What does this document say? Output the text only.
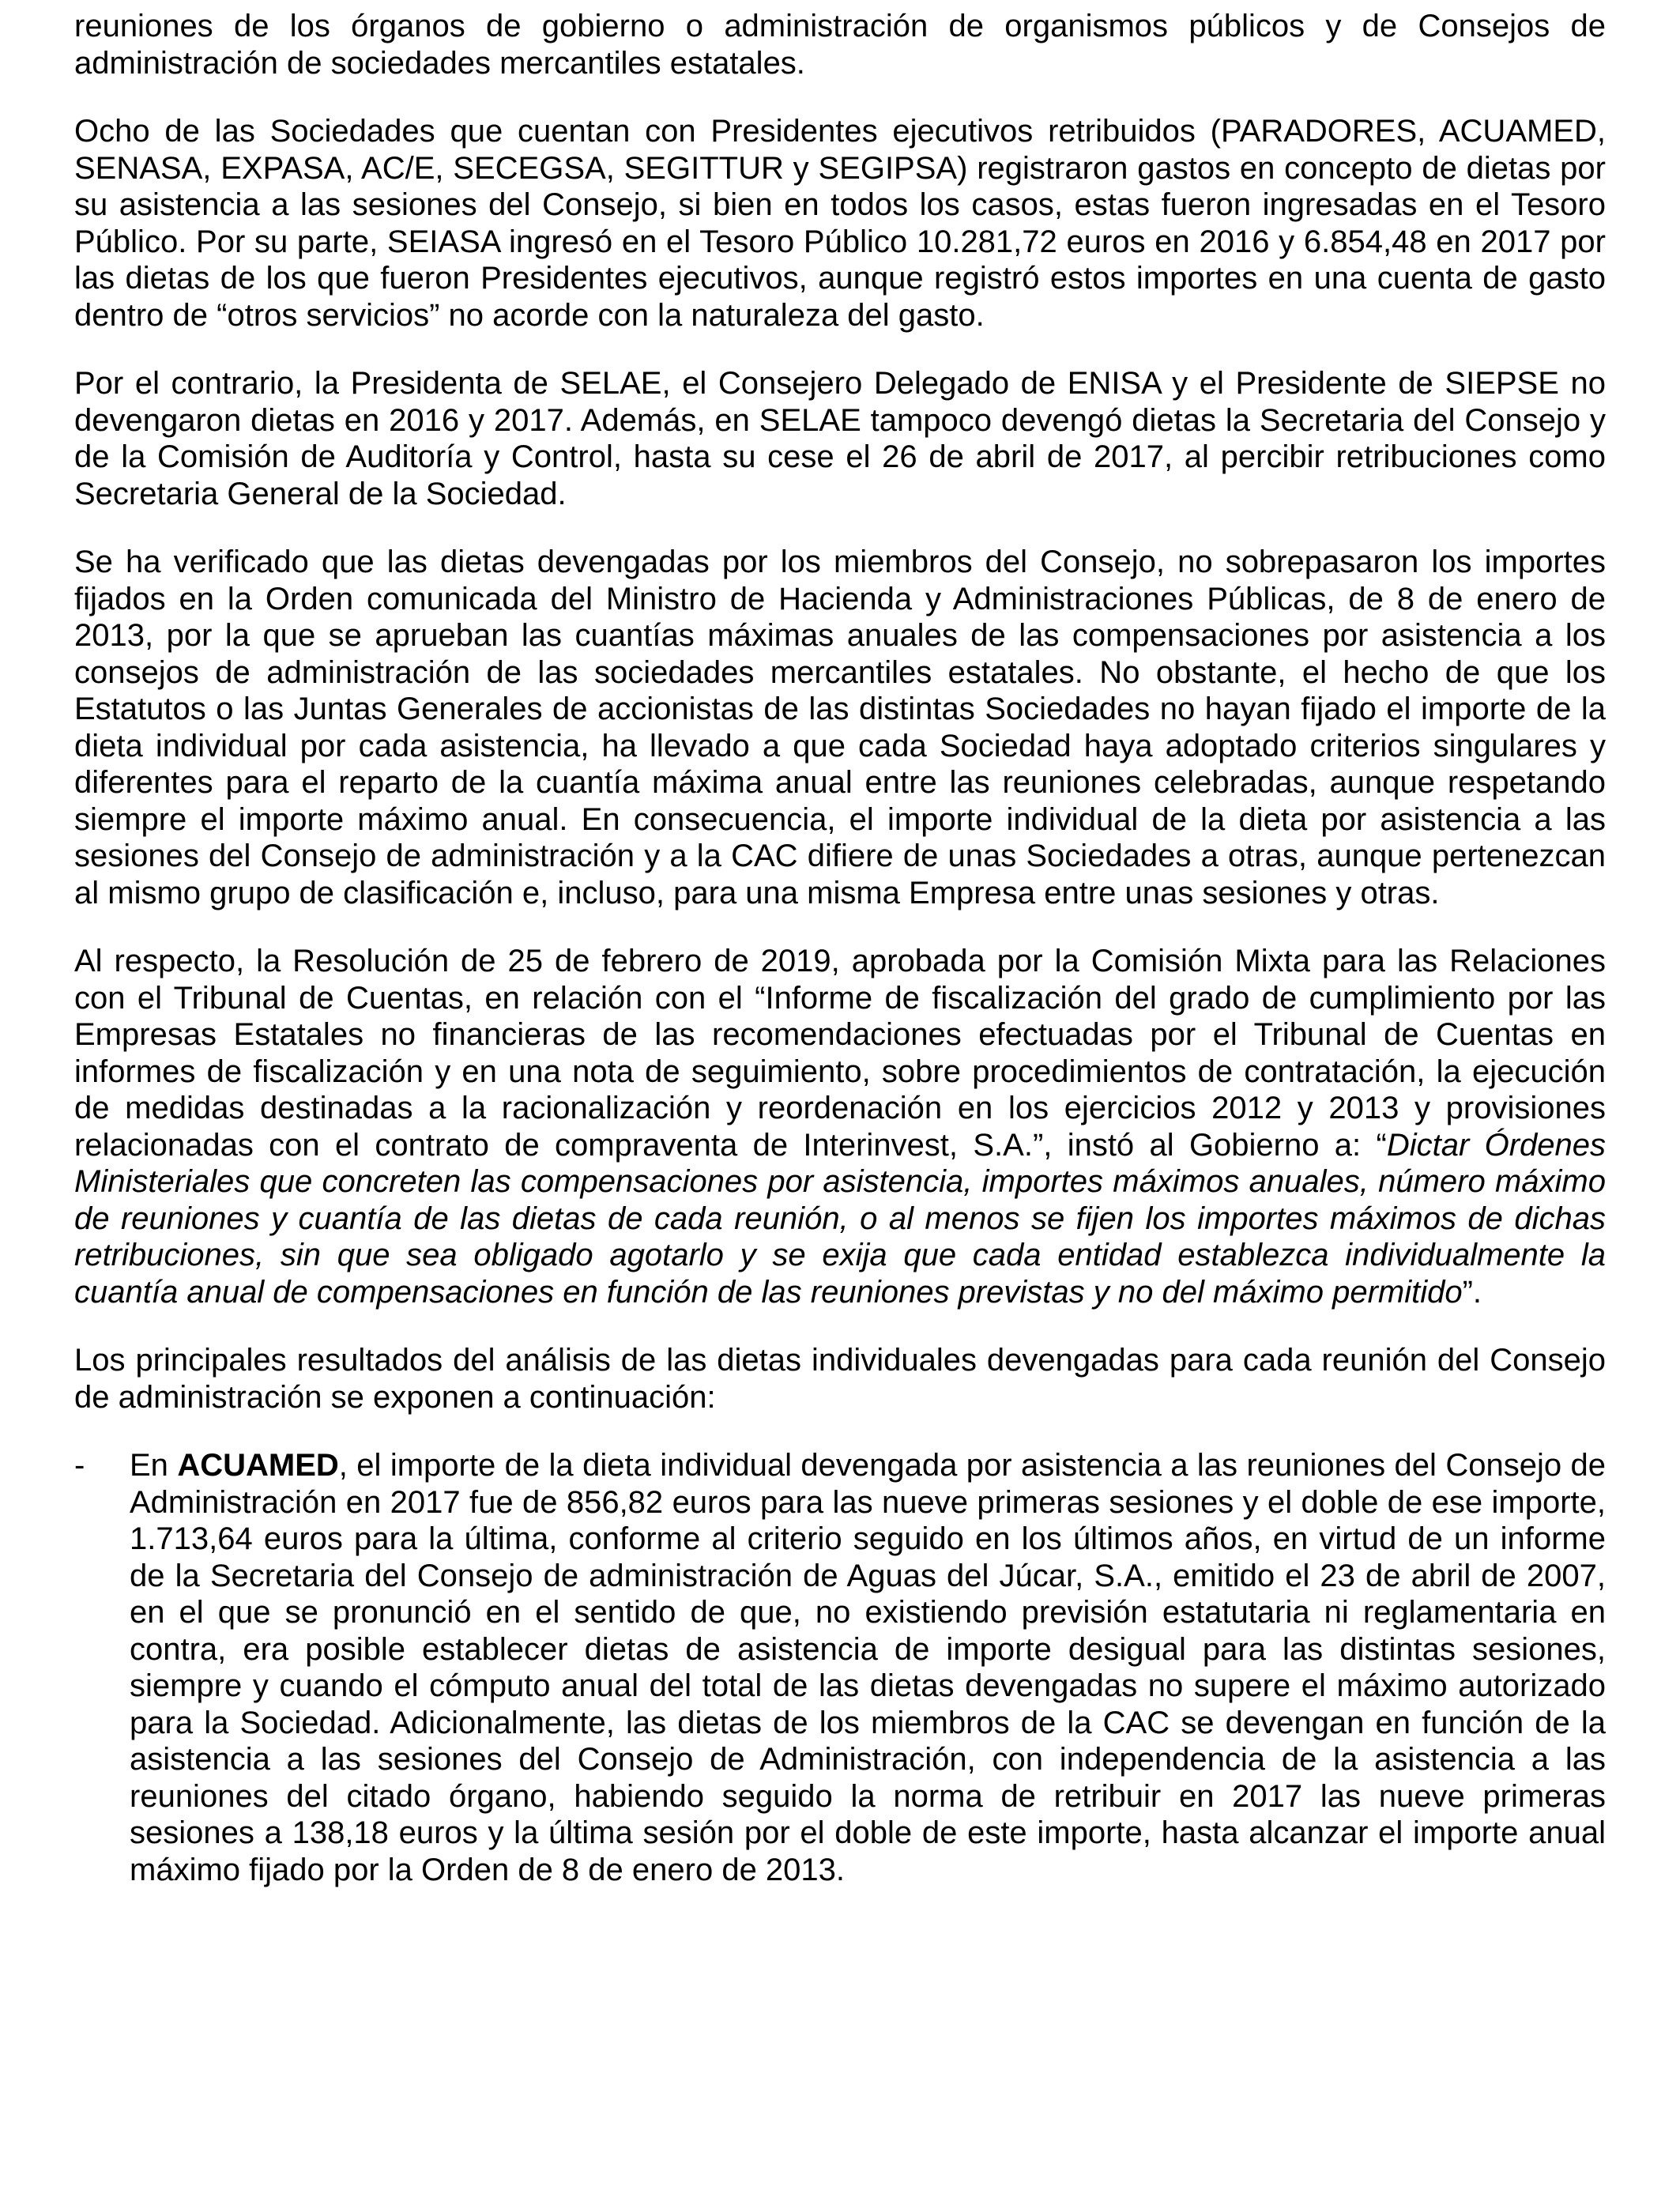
reuniones de los órganos de gobierno o administración de organismos públicos y de Consejos de administración de sociedades mercantiles estatales.

Ocho de las Sociedades que cuentan con Presidentes ejecutivos retribuidos (PARADORES, ACUAMED, SENASA, EXPASA, AC/E, SECEGSA, SEGITTUR y SEGIPSA) registraron gastos en concepto de dietas por su asistencia a las sesiones del Consejo, si bien en todos los casos, estas fueron ingresadas en el Tesoro Público. Por su parte, SEIASA ingresó en el Tesoro Público 10.281,72 euros en 2016 y 6.854,48 en 2017 por las dietas de los que fueron Presidentes ejecutivos, aunque registró estos importes en una cuenta de gasto dentro de “otros servicios” no acorde con la naturaleza del gasto.

Por el contrario, la Presidenta de SELAE, el Consejero Delegado de ENISA y el Presidente de SIEPSE no devengaron dietas en 2016 y 2017. Además, en SELAE tampoco devengó dietas la Secretaria del Consejo y de la Comisión de Auditoría y Control, hasta su cese el 26 de abril de 2017, al percibir retribuciones como Secretaria General de la Sociedad.

Se ha verificado que las dietas devengadas por los miembros del Consejo, no sobrepasaron los importes fijados en la Orden comunicada del Ministro de Hacienda y Administraciones Públicas, de 8 de enero de 2013, por la que se aprueban las cuantías máximas anuales de las compensaciones por asistencia a los consejos de administración de las sociedades mercantiles estatales. No obstante, el hecho de que los Estatutos o las Juntas Generales de accionistas de las distintas Sociedades no hayan fijado el importe de la dieta individual por cada asistencia, ha llevado a que cada Sociedad haya adoptado criterios singulares y diferentes para el reparto de la cuantía máxima anual entre las reuniones celebradas, aunque respetando siempre el importe máximo anual. En consecuencia, el importe individual de la dieta por asistencia a las sesiones del Consejo de administración y a la CAC difiere de unas Sociedades a otras, aunque pertenezcan al mismo grupo de clasificación e, incluso, para una misma Empresa entre unas sesiones y otras.

Al respecto, la Resolución de 25 de febrero de 2019, aprobada por la Comisión Mixta para las Relaciones con el Tribunal de Cuentas, en relación con el “Informe de fiscalización del grado de cumplimiento por las Empresas Estatales no financieras de las recomendaciones efectuadas por el Tribunal de Cuentas en informes de fiscalización y en una nota de seguimiento, sobre procedimientos de contratación, la ejecución de medidas destinadas a la racionalización y reordenación en los ejercicios 2012 y 2013 y provisiones relacionadas con el contrato de compraventa de Interinvest, S.A.”, instó al Gobierno a: “Dictar Órdenes Ministeriales que concreten las compensaciones por asistencia, importes máximos anuales, número máximo de reuniones y cuantía de las dietas de cada reunión, o al menos se fijen los importes máximos de dichas retribuciones, sin que sea obligado agotarlo y se exija que cada entidad establezca individualmente la cuantía anual de compensaciones en función de las reuniones previstas y no del máximo permitido”.

Los principales resultados del análisis de las dietas individuales devengadas para cada reunión del Consejo de administración se exponen a continuación:

- En ACUAMED, el importe de la dieta individual devengada por asistencia a las reuniones del Consejo de Administración en 2017 fue de 856,82 euros para las nueve primeras sesiones y el doble de ese importe, 1.713,64 euros para la última, conforme al criterio seguido en los últimos años, en virtud de un informe de la Secretaria del Consejo de administración de Aguas del Júcar, S.A., emitido el 23 de abril de 2007, en el que se pronunció en el sentido de que, no existiendo previsión estatutaria ni reglamentaria en contra, era posible establecer dietas de asistencia de importe desigual para las distintas sesiones, siempre y cuando el cómputo anual del total de las dietas devengadas no supere el máximo autorizado para la Sociedad. Adicionalmente, las dietas de los miembros de la CAC se devengan en función de la asistencia a las sesiones del Consejo de Administración, con independencia de la asistencia a las reuniones del citado órgano, habiendo seguido la norma de retribuir en 2017 las nueve primeras sesiones a 138,18 euros y la última sesión por el doble de este importe, hasta alcanzar el importe anual máximo fijado por la Orden de 8 de enero de 2013.
